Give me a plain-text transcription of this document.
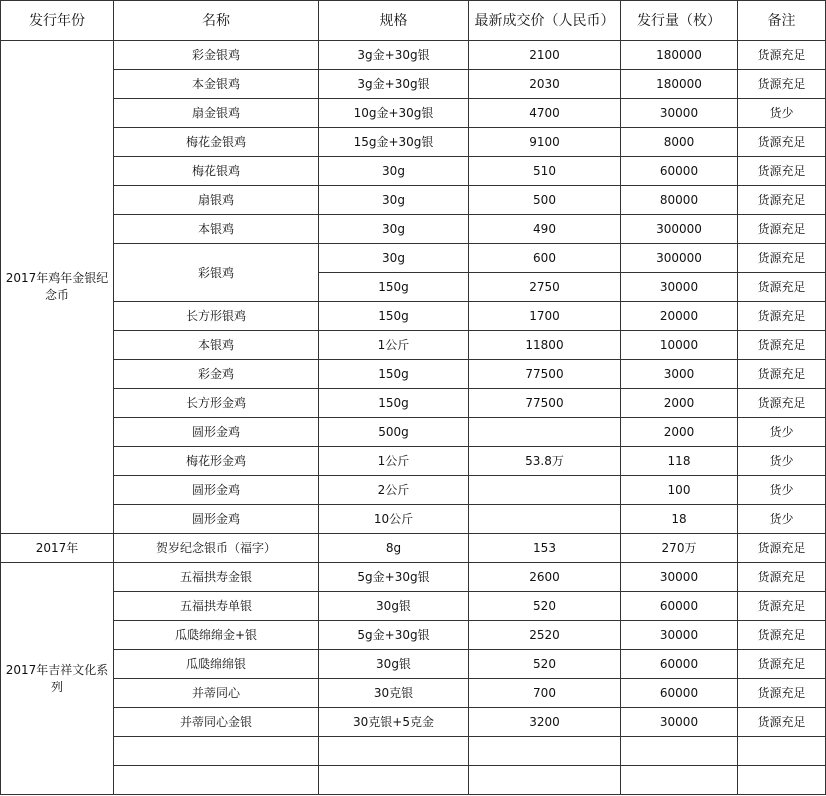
发行年份	名称	规格	最新成交价（人民币）	发行量（枚）	备注
2017年鸡年金银纪念币	彩金银鸡	3g金+30g银	2100	180000	货源充足
	本金银鸡	3g金+30g银	2030	180000	货源充足
	扇金银鸡	10g金+30g银	4700	30000	货少
	梅花金银鸡	15g金+30g银	9100	8000	货源充足
	梅花银鸡	30g	510	60000	货源充足
	扇银鸡	30g	500	80000	货源充足
	本银鸡	30g	490	300000	货源充足
	彩银鸡	30g	600	300000	货源充足
		150g	2750	30000	货源充足
	长方形银鸡	150g	1700	20000	货源充足
	本银鸡	1公斤	11800	10000	货源充足
	彩金鸡	150g	77500	3000	货源充足
	长方形金鸡	150g	77500	2000	货源充足
	圆形金鸡	500g		2000	货少
	梅花形金鸡	1公斤	53.8万	118	货少
	圆形金鸡	2公斤		100	货少
	圆形金鸡	10公斤		18	货少
2017年	贺岁纪念银币（福字）	8g	153	270万	货源充足
2017年吉祥文化系列	五福拱寿金银	5g金+30g银	2600	30000	货源充足
	五福拱寿单银	30g银	520	60000	货源充足
	瓜瓞绵绵金+银	5g金+30g银	2520	30000	货源充足
	瓜瓞绵绵银	30g银	520	60000	货源充足
	并蒂同心	30克银	700	60000	货源充足
	并蒂同心金银	30克银+5克金	3200	30000	货源充足
